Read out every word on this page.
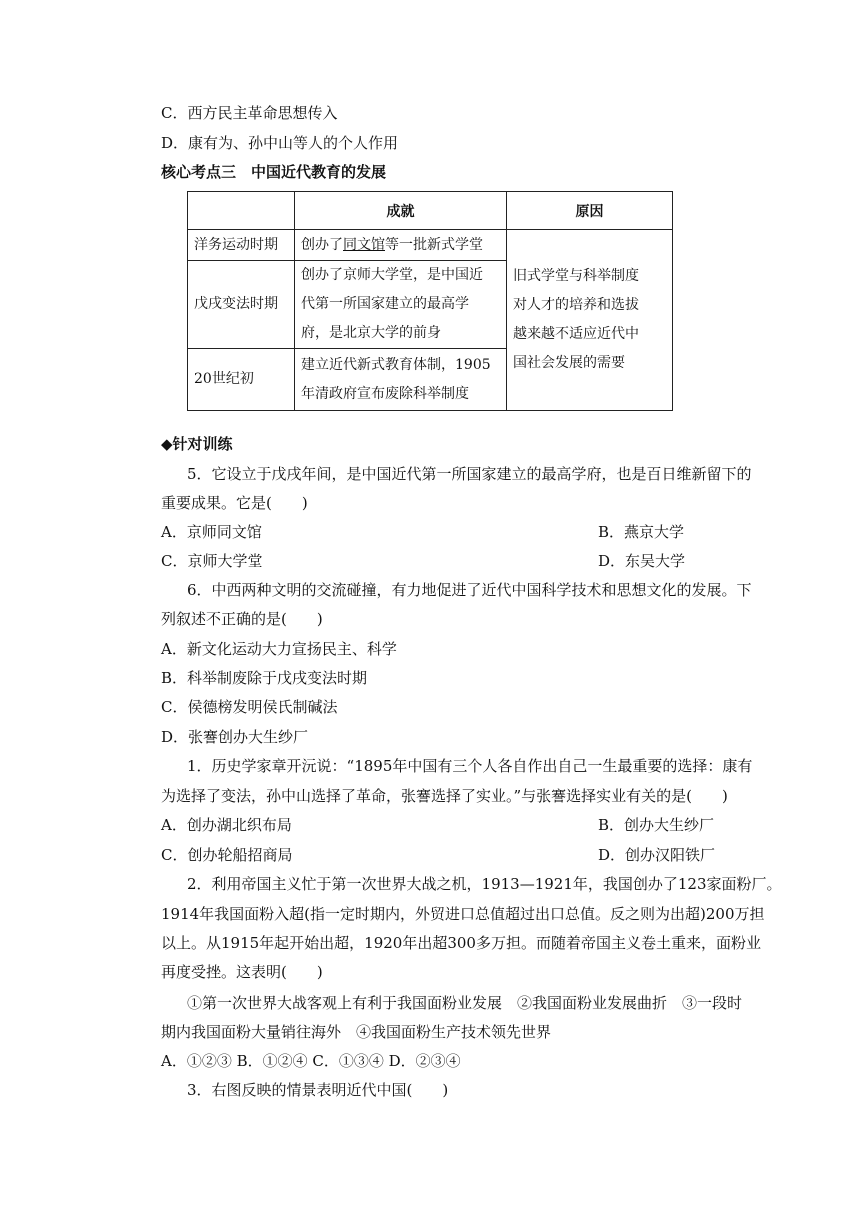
C．西方民主革命思想传入
D．康有为、孙中山等人的个人作用
核心考点三　中国近代教育的发展
	成就	原因
洋务运动时期	创办了同文馆等一批新式学堂	旧式学堂与科举制度
对人才的培养和选拔
越来越不适应近代中
国社会发展的需要

戊戌变法时期	创办了京师大学堂，是中国近
代第一所国家建立的最高学
府，是北京大学的前身	

20世纪初	建立近代新式教育体制，1905
年清政府宣布废除科举制度	
◆针对训练
5．它设立于戊戌年间，是中国近代第一所国家建立的最高学府，也是百日维新留下的
重要成果。它是(　　)
A．京师同文馆	B．燕京大学
C．京师大学堂	D．东吴大学
6．中西两种文明的交流碰撞，有力地促进了近代中国科学技术和思想文化的发展。下
列叙述不正确的是(　　)
A．新文化运动大力宣扬民主、科学
B．科举制废除于戊戌变法时期
C．侯德榜发明侯氏制碱法
D．张謇创办大生纱厂
1．历史学家章开沅说：“1895年中国有三个人各自作出自己一生最重要的选择：康有
为选择了变法，孙中山选择了革命，张謇选择了实业。”与张謇选择实业有关的是(　　)
A．创办湖北织布局	B．创办大生纱厂
C．创办轮船招商局	D．创办汉阳铁厂
2．利用帝国主义忙于第一次世界大战之机，1913—1921年，我国创办了123家面粉厂。
1914年我国面粉入超(指一定时期内，外贸进口总值超过出口总值。反之则为出超)200万担
以上。从1915年起开始出超，1920年出超300多万担。而随着帝国主义卷土重来，面粉业
再度受挫。这表明(　　)
①第一次世界大战客观上有利于我国面粉业发展　②我国面粉业发展曲折　③一段时
期内我国面粉大量销往海外　④我国面粉生产技术领先世界
A．①②③ B．①②④ C．①③④ D．②③④
3．右图反映的情景表明近代中国(　　)
